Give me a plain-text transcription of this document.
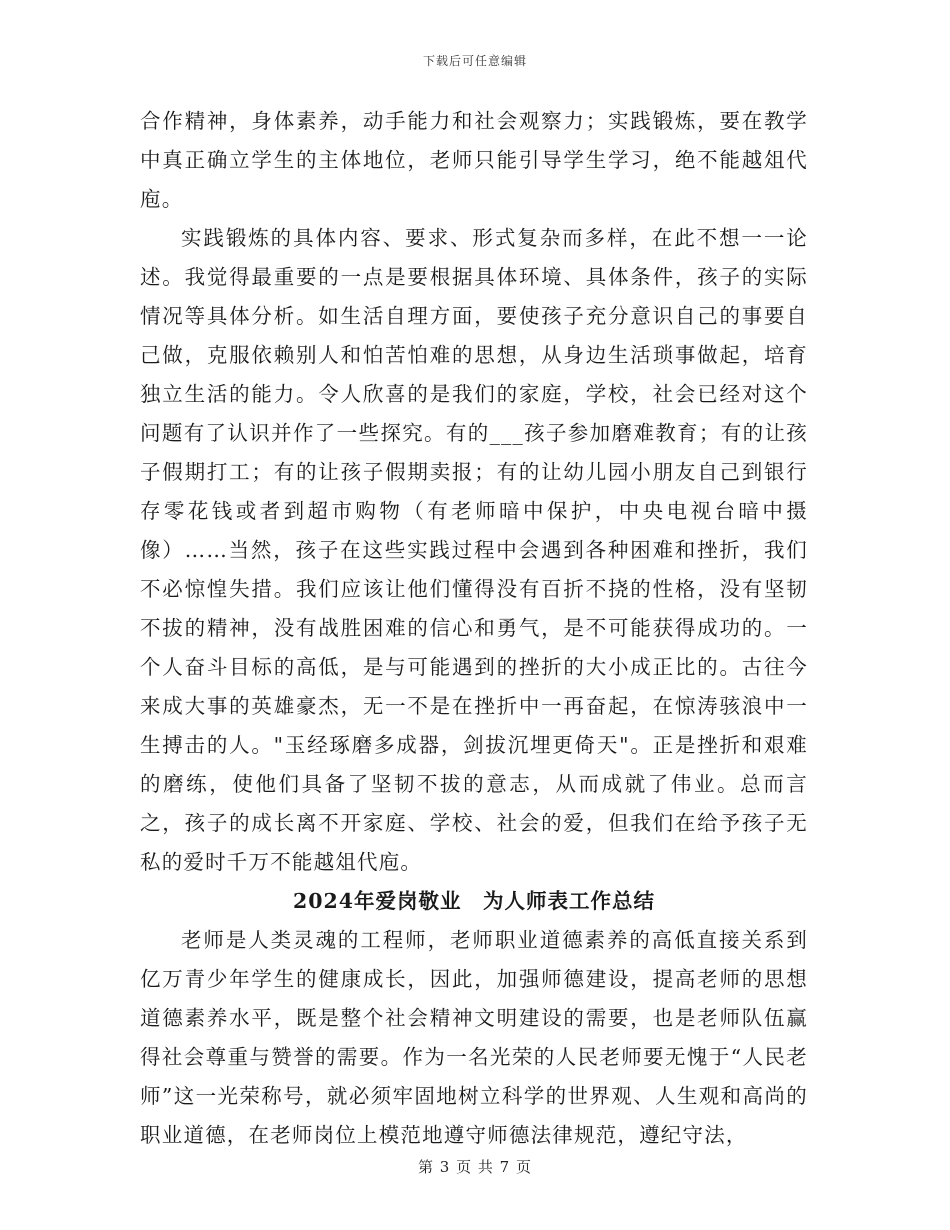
下载后可任意编辑

合作精神，身体素养，动手能力和社会观察力；实践锻炼，要在教学中真正确立学生的主体地位，老师只能引导学生学习，绝不能越俎代庖。

实践锻炼的具体内容、要求、形式复杂而多样，在此不想一一论述。我觉得最重要的一点是要根据具体环境、具体条件，孩子的实际情况等具体分析。如生活自理方面，要使孩子充分意识自己的事要自己做，克服依赖别人和怕苦怕难的思想，从身边生活琐事做起，培育独立生活的能力。令人欣喜的是我们的家庭，学校，社会已经对这个问题有了认识并作了一些探究。有的___孩子参加磨难教育；有的让孩子假期打工；有的让孩子假期卖报；有的让幼儿园小朋友自己到银行存零花钱或者到超市购物（有老师暗中保护，中央电视台暗中摄像）……当然，孩子在这些实践过程中会遇到各种困难和挫折，我们不必惊惶失措。我们应该让他们懂得没有百折不挠的性格，没有坚韧不拔的精神，没有战胜困难的信心和勇气，是不可能获得成功的。一个人奋斗目标的高低，是与可能遇到的挫折的大小成正比的。古往今来成大事的英雄豪杰，无一不是在挫折中一再奋起，在惊涛骇浪中一生搏击的人。"玉经琢磨多成器，剑拔沉埋更倚天"。正是挫折和艰难的磨练，使他们具备了坚韧不拔的意志，从而成就了伟业。总而言之，孩子的成长离不开家庭、学校、社会的爱，但我们在给予孩子无私的爱时千万不能越俎代庖。

2024年爱岗敬业　为人师表工作总结

老师是人类灵魂的工程师，老师职业道德素养的高低直接关系到亿万青少年学生的健康成长，因此，加强师德建设，提高老师的思想道德素养水平，既是整个社会精神文明建设的需要，也是老师队伍赢得社会尊重与赞誉的需要。作为一名光荣的人民老师要无愧于“人民老师”这一光荣称号，就必须牢固地树立科学的世界观、人生观和高尚的职业道德，在老师岗位上模范地遵守师德法律规范，遵纪守法，

第 3 页 共 7 页
